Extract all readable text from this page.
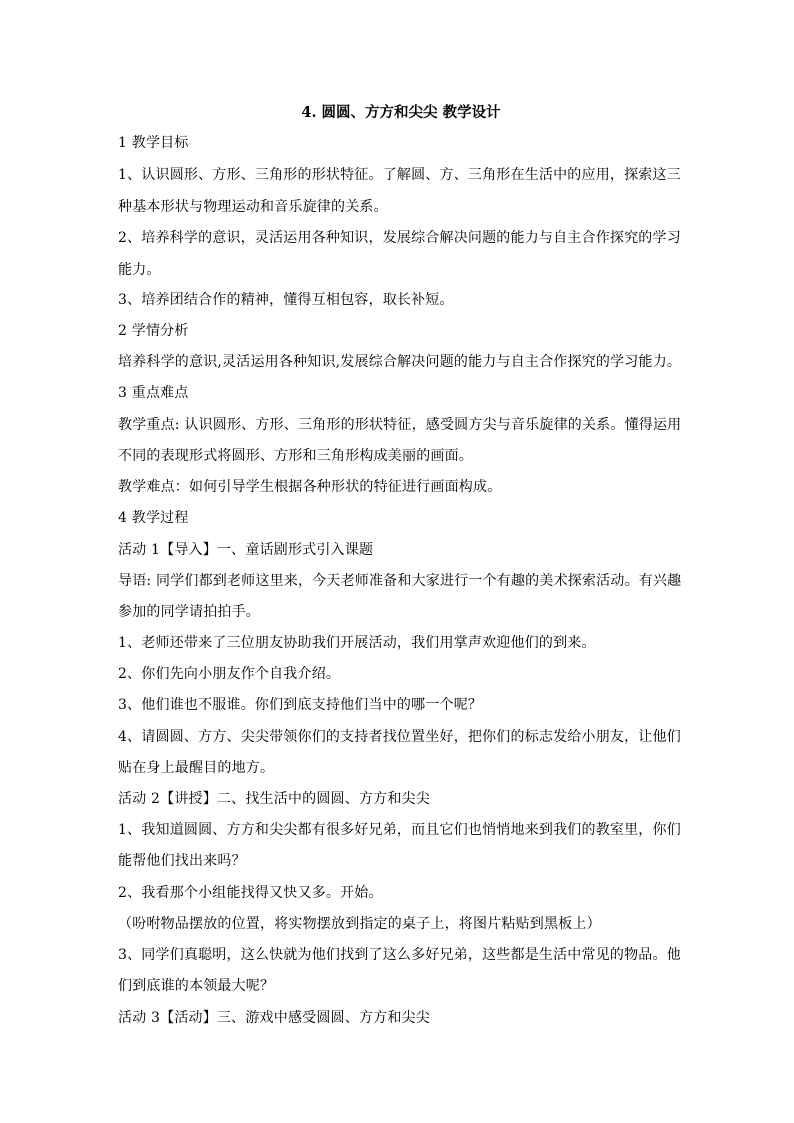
4. 圆圆、方方和尖尖 教学设计
1 教学目标
1、认识圆形、方形、三角形的形状特征。了解圆、方、三角形在生活中的应用，探索这三
种基本形状与物理运动和音乐旋律的关系。
2、培养科学的意识，灵活运用各种知识，发展综合解决问题的能力与自主合作探究的学习
能力。
3、培养团结合作的精神，懂得互相包容，取长补短。
2 学情分析
培养科学的意识,灵活运用各种知识,发展综合解决问题的能力与自主合作探究的学习能力。
3 重点难点
教学重点: 认识圆形、方形、三角形的形状特征，感受圆方尖与音乐旋律的关系。懂得运用
不同的表现形式将圆形、方形和三角形构成美丽的画面。
教学难点：如何引导学生根据各种形状的特征进行画面构成。
4 教学过程
活动 1【导入】一、童话剧形式引入课题
导语: 同学们都到老师这里来，今天老师准备和大家进行一个有趣的美术探索活动。有兴趣
参加的同学请拍拍手。
1、老师还带来了三位朋友协助我们开展活动，我们用掌声欢迎他们的到来。
2、你们先向小朋友作个自我介绍。
3、他们谁也不服谁。你们到底支持他们当中的哪一个呢？
4、请圆圆、方方、尖尖带领你们的支持者找位置坐好，把你们的标志发给小朋友，让他们
贴在身上最醒目的地方。
活动 2【讲授】二、找生活中的圆圆、方方和尖尖
1、我知道圆圆、方方和尖尖都有很多好兄弟，而且它们也悄悄地来到我们的教室里，你们
能帮他们找出来吗？
2、我看那个小组能找得又快又多。开始。
（吩咐物品摆放的位置，将实物摆放到指定的桌子上，将图片粘贴到黑板上）
3、同学们真聪明，这么快就为他们找到了这么多好兄弟，这些都是生活中常见的物品。他
们到底谁的本领最大呢？
活动 3【活动】三、游戏中感受圆圆、方方和尖尖
